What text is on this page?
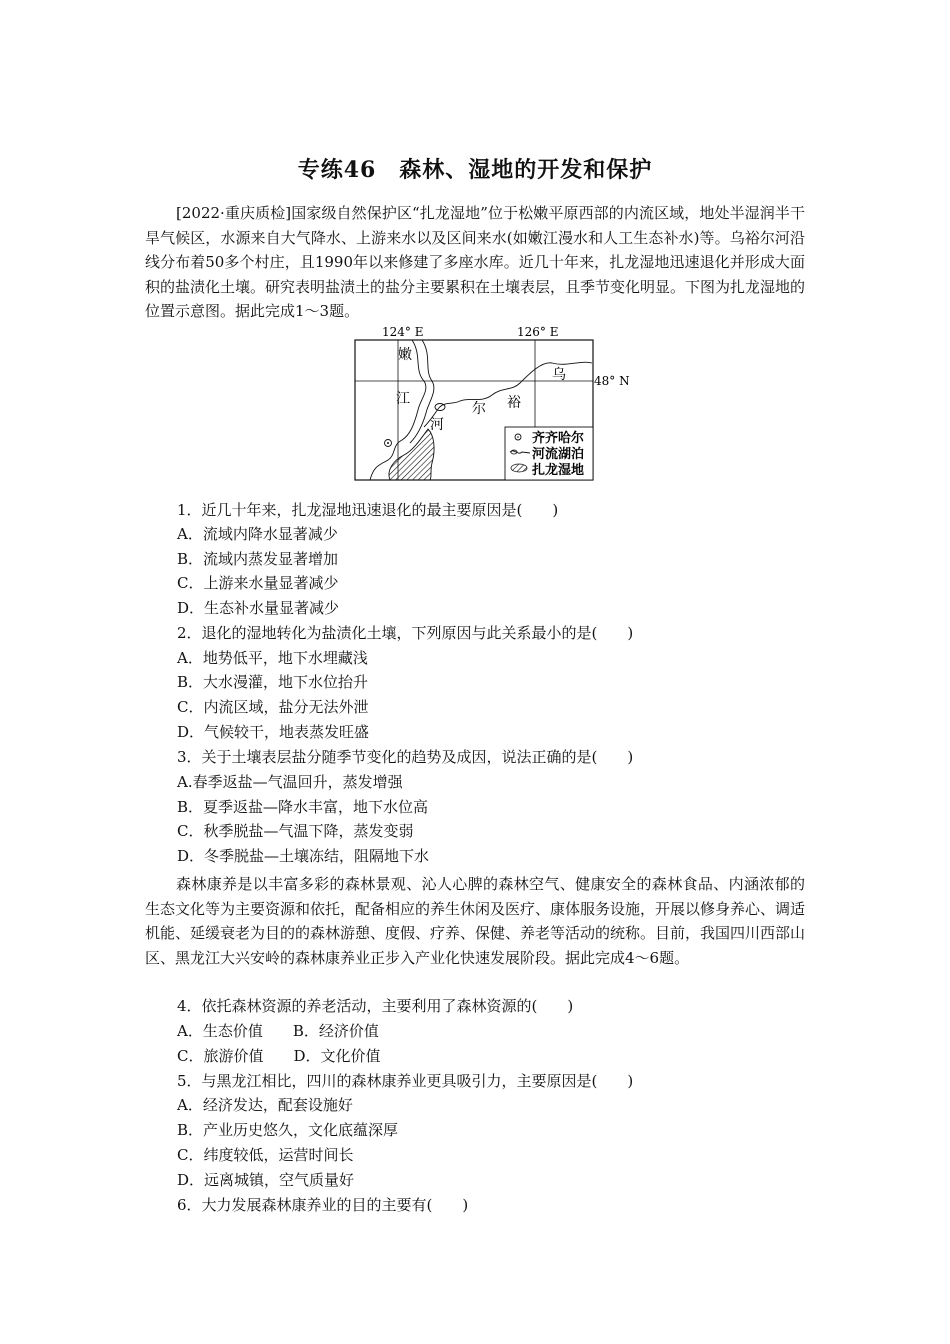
专练46　森林、湿地的开发和保护
[2022·重庆质检]国家级自然保护区“扎龙湿地”位于松嫩平原西部的内流区域，地处半湿润半干旱气候区，水源来自大气降水、上游来水以及区间来水(如嫩江漫水和人工生态补水)等。乌裕尔河沿线分布着50多个村庄，且1990年以来修建了多座水库。近几十年来，扎龙湿地迅速退化并形成大面积的盐渍化土壤。研究表明盐渍土的盐分主要累积在土壤表层，且季节变化明显。下图为扎龙湿地的位置示意图。据此完成1～3题。
124° E	126° E
48° N
嫩
江
乌
裕
尔
河
齐齐哈尔
河流湖泊
扎龙湿地
1．近几十年来，扎龙湿地迅速退化的最主要原因是(　　)
A．流域内降水显著减少
B．流域内蒸发显著增加
C．上游来水量显著减少
D．生态补水量显著减少
2．退化的湿地转化为盐渍化土壤，下列原因与此关系最小的是(　　)
A．地势低平，地下水埋藏浅
B．大水漫灌，地下水位抬升
C．内流区域，盐分无法外泄
D．气候较干，地表蒸发旺盛
3．关于土壤表层盐分随季节变化的趋势及成因，说法正确的是(　　)
A.春季返盐—气温回升，蒸发增强
B．夏季返盐—降水丰富，地下水位高
C．秋季脱盐—气温下降，蒸发变弱
D．冬季脱盐—土壤冻结，阻隔地下水
森林康养是以丰富多彩的森林景观、沁人心脾的森林空气、健康安全的森林食品、内涵浓郁的生态文化等为主要资源和依托，配备相应的养生休闲及医疗、康体服务设施，开展以修身养心、调适机能、延缓衰老为目的的森林游憩、度假、疗养、保健、养老等活动的统称。目前，我国四川西部山区、黑龙江大兴安岭的森林康养业正步入产业化快速发展阶段。据此完成4～6题。
4．依托森林资源的养老活动，主要利用了森林资源的(　　)
A．生态价值　　B．经济价值
C．旅游价值　　D．文化价值
5．与黑龙江相比，四川的森林康养业更具吸引力，主要原因是(　　)
A．经济发达，配套设施好
B．产业历史悠久，文化底蕴深厚
C．纬度较低，运营时间长
D．远离城镇，空气质量好
6．大力发展森林康养业的目的主要有(　　)
